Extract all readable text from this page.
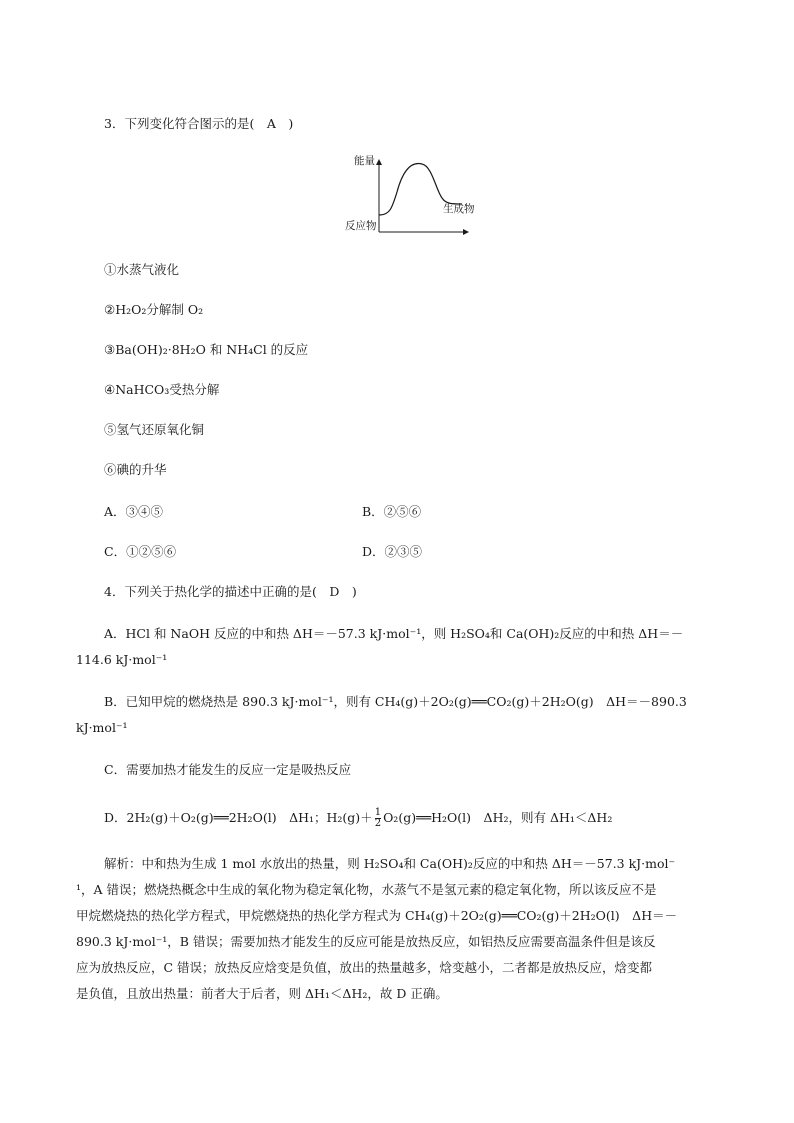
3．下列变化符合图示的是(　A　)
能量
反应物
生成物
①水蒸气液化
②H₂O₂分解制 O₂
③Ba(OH)₂·8H₂O 和 NH₄Cl 的反应
④NaHCO₃受热分解
⑤氢气还原氧化铜
⑥碘的升华
A．③④⑤	B．②⑤⑥
C．①②⑤⑥	D．②③⑤
4．下列关于热化学的描述中正确的是(　D　)
A．HCl 和 NaOH 反应的中和热 ΔH＝－57.3 kJ·mol⁻¹，则 H₂SO₄和 Ca(OH)₂反应的中和热 ΔH＝－
114.6 kJ·mol⁻¹
B．已知甲烷的燃烧热是 890.3 kJ·mol⁻¹，则有 CH₄(g)＋2O₂(g)══CO₂(g)＋2H₂O(g)　ΔH＝－890.3
kJ·mol⁻¹
C．需要加热才能发生的反应一定是吸热反应
D．2H₂(g)＋O₂(g)══2H₂O(l)　ΔH₁；$H_2(g)+ \frac{1}{2}$ O₂(g)══H₂O(l)　ΔH₂，则有 ΔH₁＜ΔH₂
解析：中和热为生成 1 mol 水放出的热量，则 H₂SO₄和 Ca(OH)₂反应的中和热 ΔH＝－57.3 kJ·mol⁻
¹，A 错误；燃烧热概念中生成的氧化物为稳定氧化物，水蒸气不是氢元素的稳定氧化物，所以该反应不是
甲烷燃烧热的热化学方程式，甲烷燃烧热的热化学方程式为 CH₄(g)＋2O₂(g)══CO₂(g)＋2H₂O(l)　ΔH＝－
890.3 kJ·mol⁻¹，B 错误；需要加热才能发生的反应可能是放热反应，如铝热反应需要高温条件但是该反
应为放热反应，C 错误；放热反应焓变是负值，放出的热量越多，焓变越小，二者都是放热反应，焓变都
是负值，且放出热量：前者大于后者，则 ΔH₁＜ΔH₂，故 D 正确。
